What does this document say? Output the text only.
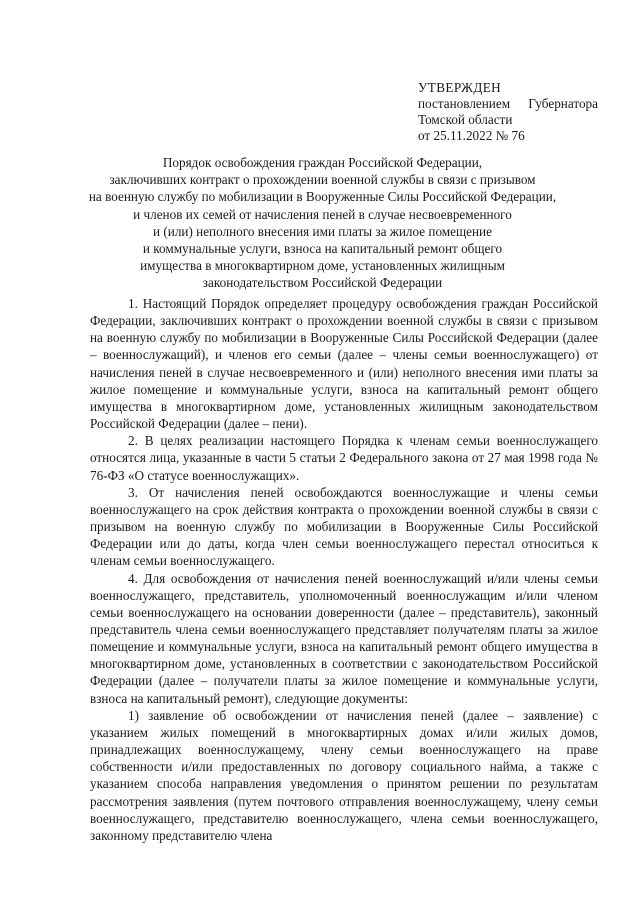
УТВЕРЖДЕН
постановлением Губернатора
Томской области
от 25.11.2022 № 76
Порядок освобождения граждан Российской Федерации,
заключивших контракт о прохождении военной службы в связи с призывом
на военную службу по мобилизации в Вооруженные Силы Российской Федерации,
и членов их семей от начисления пеней в случае несвоевременного
и (или) неполного внесения ими платы за жилое помещение
и коммунальные услуги, взноса на капитальный ремонт общего
имущества в многоквартирном доме, установленных жилищным
законодательством Российской Федерации

1. Настоящий Порядок определяет процедуру освобождения граждан Российской Федерации, заключивших контракт о прохождении военной службы в связи с призывом на военную службу по мобилизации в Вооруженные Силы Российской Федерации (далее – военнослужащий), и членов его семьи (далее – члены семьи военнослужащего) от начисления пеней в случае несвоевременного и (или) неполного внесения ими платы за жилое помещение и коммунальные услуги, взноса на капитальный ремонт общего имущества в многоквартирном доме, установленных жилищным законодательством Российской Федерации (далее – пени).

2. В целях реализации настоящего Порядка к членам семьи военнослужащего относятся лица, указанные в части 5 статьи 2 Федерального закона от 27 мая 1998 года № 76-ФЗ «О статусе военнослужащих».

3. От начисления пеней освобождаются военнослужащие и члены семьи военнослужащего на срок действия контракта о прохождении военной службы в связи с призывом на военную службу по мобилизации в Вооруженные Силы Российской Федерации или до даты, когда член семьи военнослужащего перестал относиться к членам семьи военнослужащего.

4. Для освобождения от начисления пеней военнослужащий и/или члены семьи военнослужащего, представитель, уполномоченный военнослужащим и/или членом семьи военнослужащего на основании доверенности (далее – представитель), законный представитель члена семьи военнослужащего представляет получателям платы за жилое помещение и коммунальные услуги, взноса на капитальный ремонт общего имущества в многоквартирном доме, установленных в соответствии с законодательством Российской Федерации (далее – получатели платы за жилое помещение и коммунальные услуги, взноса на капитальный ремонт), следующие документы:

1) заявление об освобождении от начисления пеней (далее – заявление) с указанием жилых помещений в многоквартирных домах и/или жилых домов, принадлежащих военнослужащему, члену семьи военнослужащего на праве собственности и/или предоставленных по договору социального найма, а также с указанием способа направления уведомления о принятом решении по результатам рассмотрения заявления (путем почтового отправления военнослужащему, члену семьи военнослужащего, представителю военнослужащего, члена семьи военнослужащего, законному представителю члена
